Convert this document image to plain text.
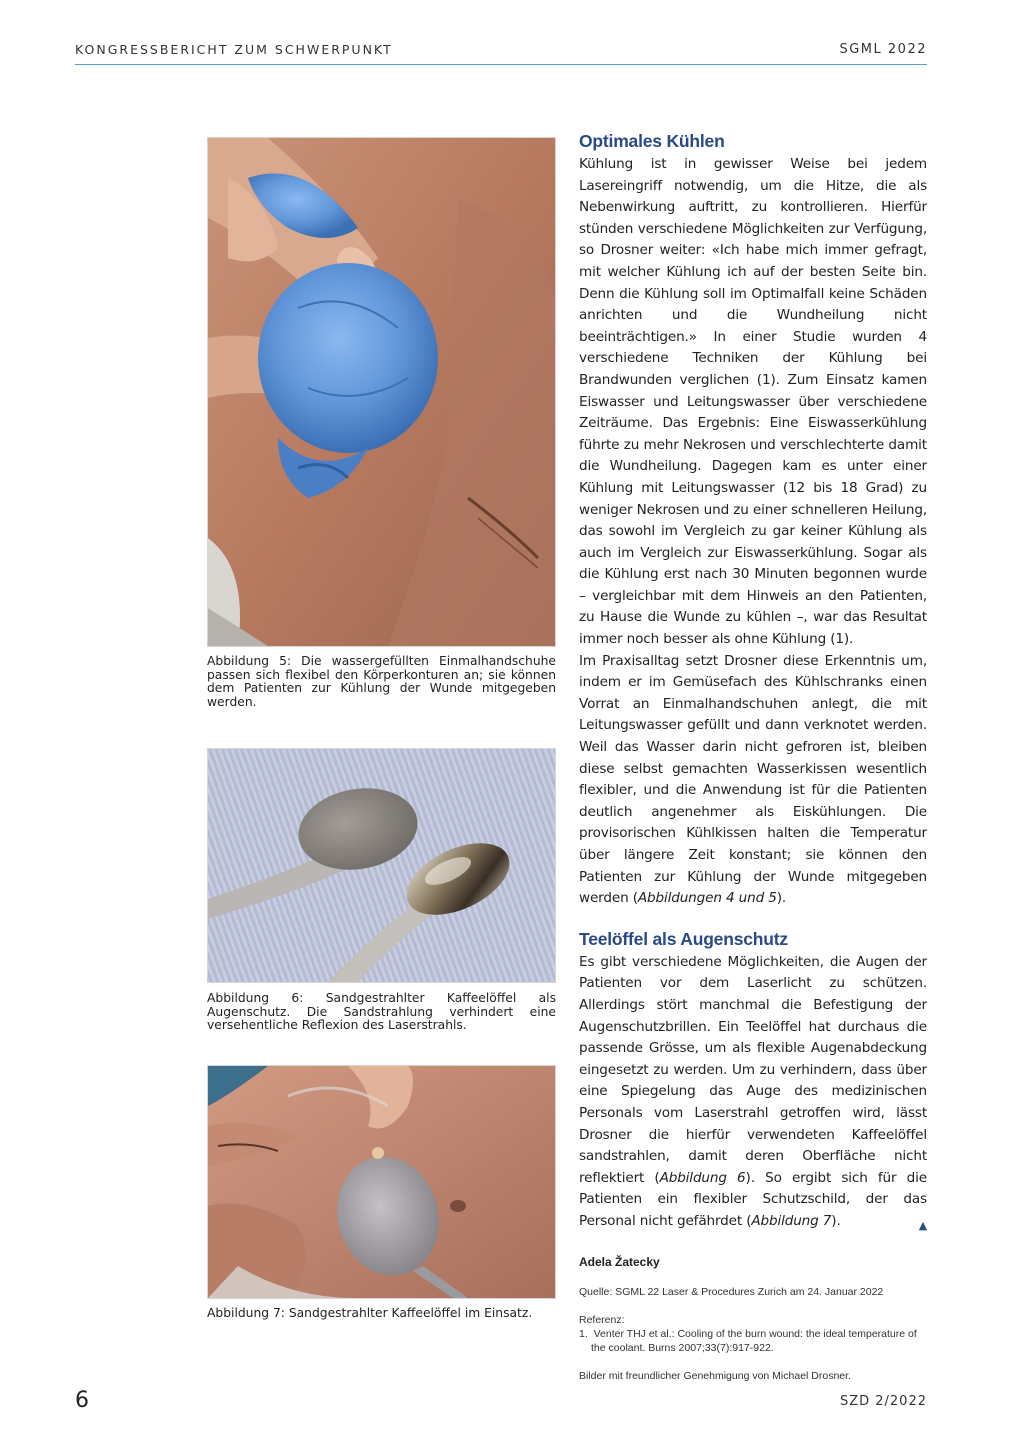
KONGRESSBERICHT ZUM SCHWERPUNKT	SGML 2022
Abbildung 5: Die wassergefüllten Einmalhandschuhe passen sich flexibel den Körperkonturen an; sie können dem Patienten zur Kühlung der Wunde mitgegeben werden.
Abbildung 6: Sandgestrahlter Kaffeelöffel als Augenschutz. Die Sandstrahlung verhindert eine versehentliche Reflexion des Laserstrahls.
Abbildung 7: Sandgestrahlter Kaffeelöffel im Einsatz.
Optimales Kühlen

Kühlung ist in gewisser Weise bei jedem Lasereingriff notwendig, um die Hitze, die als Nebenwirkung auftritt, zu kontrollieren. Hierfür stünden verschiedene Möglichkeiten zur Verfügung, so Drosner weiter: «Ich habe mich immer gefragt, mit welcher Kühlung ich auf der besten Seite bin. Denn die Kühlung soll im Optimalfall keine Schäden anrichten und die Wundheilung nicht beeinträchtigen.» In einer Studie wurden 4 verschiedene Techniken der Kühlung bei Brandwunden verglichen (1). Zum Einsatz kamen Eiswasser und Leitungswasser über verschiedene Zeiträume. Das Ergebnis: Eine Eiswasserkühlung führte zu mehr Nekrosen und verschlechterte damit die Wundheilung. Dagegen kam es unter einer Kühlung mit Leitungswasser (12 bis 18 Grad) zu weniger Nekrosen und zu einer schnelleren Heilung, das sowohl im Vergleich zu gar keiner Kühlung als auch im Vergleich zur Eiswasserkühlung. Sogar als die Kühlung erst nach 30 Minuten begonnen wurde – vergleichbar mit dem Hinweis an den Patienten, zu Hause die Wunde zu kühlen –, war das Resultat immer noch besser als ohne Kühlung (1).

Im Praxisalltag setzt Drosner diese Erkenntnis um, indem er im Gemüsefach des Kühlschranks einen Vorrat an Einmalhandschuhen anlegt, die mit Leitungswasser gefüllt und dann verknotet werden. Weil das Wasser darin nicht gefroren ist, bleiben diese selbst gemachten Wasserkissen wesentlich flexibler, und die Anwendung ist für die Patienten deutlich angenehmer als Eiskühlungen. Die provisorischen Kühlkissen halten die Temperatur über längere Zeit konstant; sie können den Patienten zur Kühlung der Wunde mitgegeben werden (Abbildungen 4 und 5).

Teelöffel als Augenschutz

Es gibt verschiedene Möglichkeiten, die Augen der Patienten vor dem Laserlicht zu schützen. Allerdings stört manchmal die Befestigung der Augenschutzbrillen. Ein Teelöffel hat durchaus die passende Grösse, um als flexible Augenabdeckung eingesetzt zu werden. Um zu verhindern, dass über eine Spiegelung das Auge des medizinischen Personals vom Laserstrahl getroffen wird, lässt Drosner die hierfür verwendeten Kaffeelöffel sandstrahlen, damit deren Oberfläche nicht reflektiert (Abbildung 6). So ergibt sich für die Patienten ein flexibler Schutzschild, der das Personal nicht gefährdet (Abbildung 7).	▲

Adela Žatecky
Quelle: SGML 22 Laser & Procedures Zurich am 24. Januar 2022
Referenz:
1.  Venter THJ et al.: Cooling of the burn wound: the ideal temperature of the coolant. Burns 2007;33(7):917-922.
Bilder mit freundlicher Genehmigung von Michael Drosner.
6	SZD 2/2022
